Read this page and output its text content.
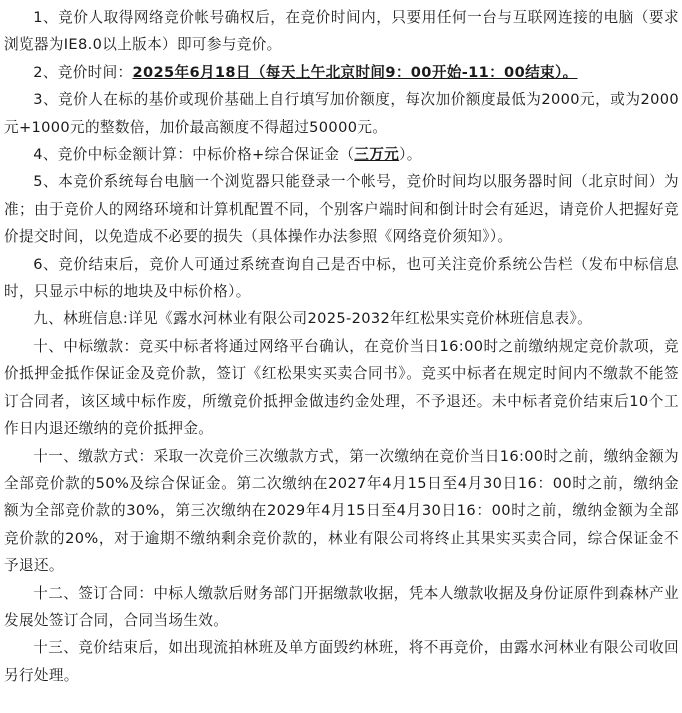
1、竞价人取得网络竞价帐号确权后，在竞价时间内，只要用任何一台与互联网连接的电脑（要求浏览器为IE8.0以上版本）即可参与竞价。

2、竞价时间：2025年6月18日（每天上午北京时间9：00开始-11：00结束）。

3、竞价人在标的基价或现价基础上自行填写加价额度，每次加价额度最低为2000元，或为2000元+1000元的整数倍，加价最高额度不得超过50000元。

4、竞价中标金额计算：中标价格+综合保证金（三万元）。

5、本竞价系统每台电脑一个浏览器只能登录一个帐号，竞价时间均以服务器时间（北京时间）为准；由于竞价人的网络环境和计算机配置不同，个别客户端时间和倒计时会有延迟，请竞价人把握好竞价提交时间，以免造成不必要的损失（具体操作办法参照《网络竞价须知》）。

6、竞价结束后，竞价人可通过系统查询自己是否中标，也可关注竞价系统公告栏（发布中标信息时，只显示中标的地块及中标价格）。

九、林班信息:详见《露水河林业有限公司2025-2032年红松果实竞价林班信息表》。

十、中标缴款：竞买中标者将通过网络平台确认，在竞价当日16:00时之前缴纳规定竞价款项，竞价抵押金抵作保证金及竞价款，签订《红松果实买卖合同书》。竞买中标者在规定时间内不缴款不能签订合同者，该区域中标作废，所缴竞价抵押金做违约金处理，不予退还。未中标者竞价结束后10个工作日内退还缴纳的竞价抵押金。

十一、缴款方式：采取一次竞价三次缴款方式，第一次缴纳在竞价当日16:00时之前，缴纳金额为全部竞价款的50%及综合保证金。第二次缴纳在2027年4月15日至4月30日16：00时之前，缴纳金额为全部竞价款的30%，第三次缴纳在2029年4月15日至4月30日16：00时之前，缴纳金额为全部竞价款的20%，对于逾期不缴纳剩余竞价款的，林业有限公司将终止其果实买卖合同，综合保证金不予退还。

十二、签订合同：中标人缴款后财务部门开据缴款收据，凭本人缴款收据及身份证原件到森林产业发展处签订合同，合同当场生效。

十三、竞价结束后，如出现流拍林班及单方面毁约林班，将不再竞价，由露水河林业有限公司收回另行处理。
